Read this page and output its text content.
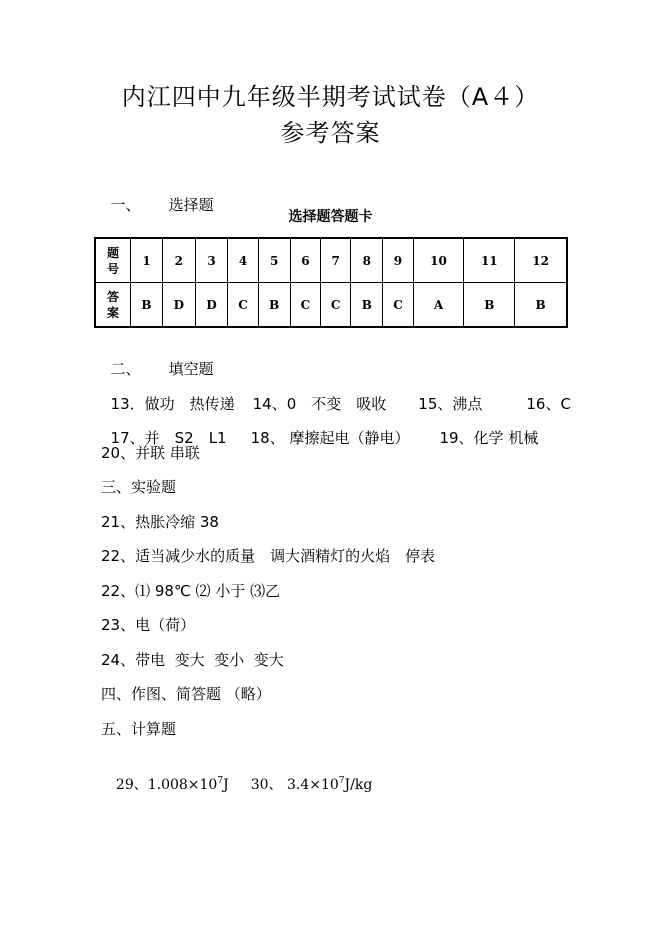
内江四中九年级半期考试试卷（A４）
参考答案

一、 选择题

选择题答题卡
题
号	1	2	3	4	5	6	7	8	9	10	11	12
答
案	B	D	D	C	B	C	C	B	C	A	B	B

二、 填空题

13．做功　热传递 14、0　不变　吸收 15、沸点	16、C

17、并　S2　L1 18、 摩擦起电（静电） 19、化学 机械

20、并联 串联
三、实验题
21、热胀冷缩 38
22、适当减少水的质量　调大酒精灯的火焰　停表
22、⑴ 98℃ ⑵ 小于 ⑶乙
23、电（荷）
24、带电  变大  变小  变大
四、作图、简答题 （略）
五、计算题

29、$1.008\times 10^7J$ 30、 $3.4\times 10^7J/kg$
